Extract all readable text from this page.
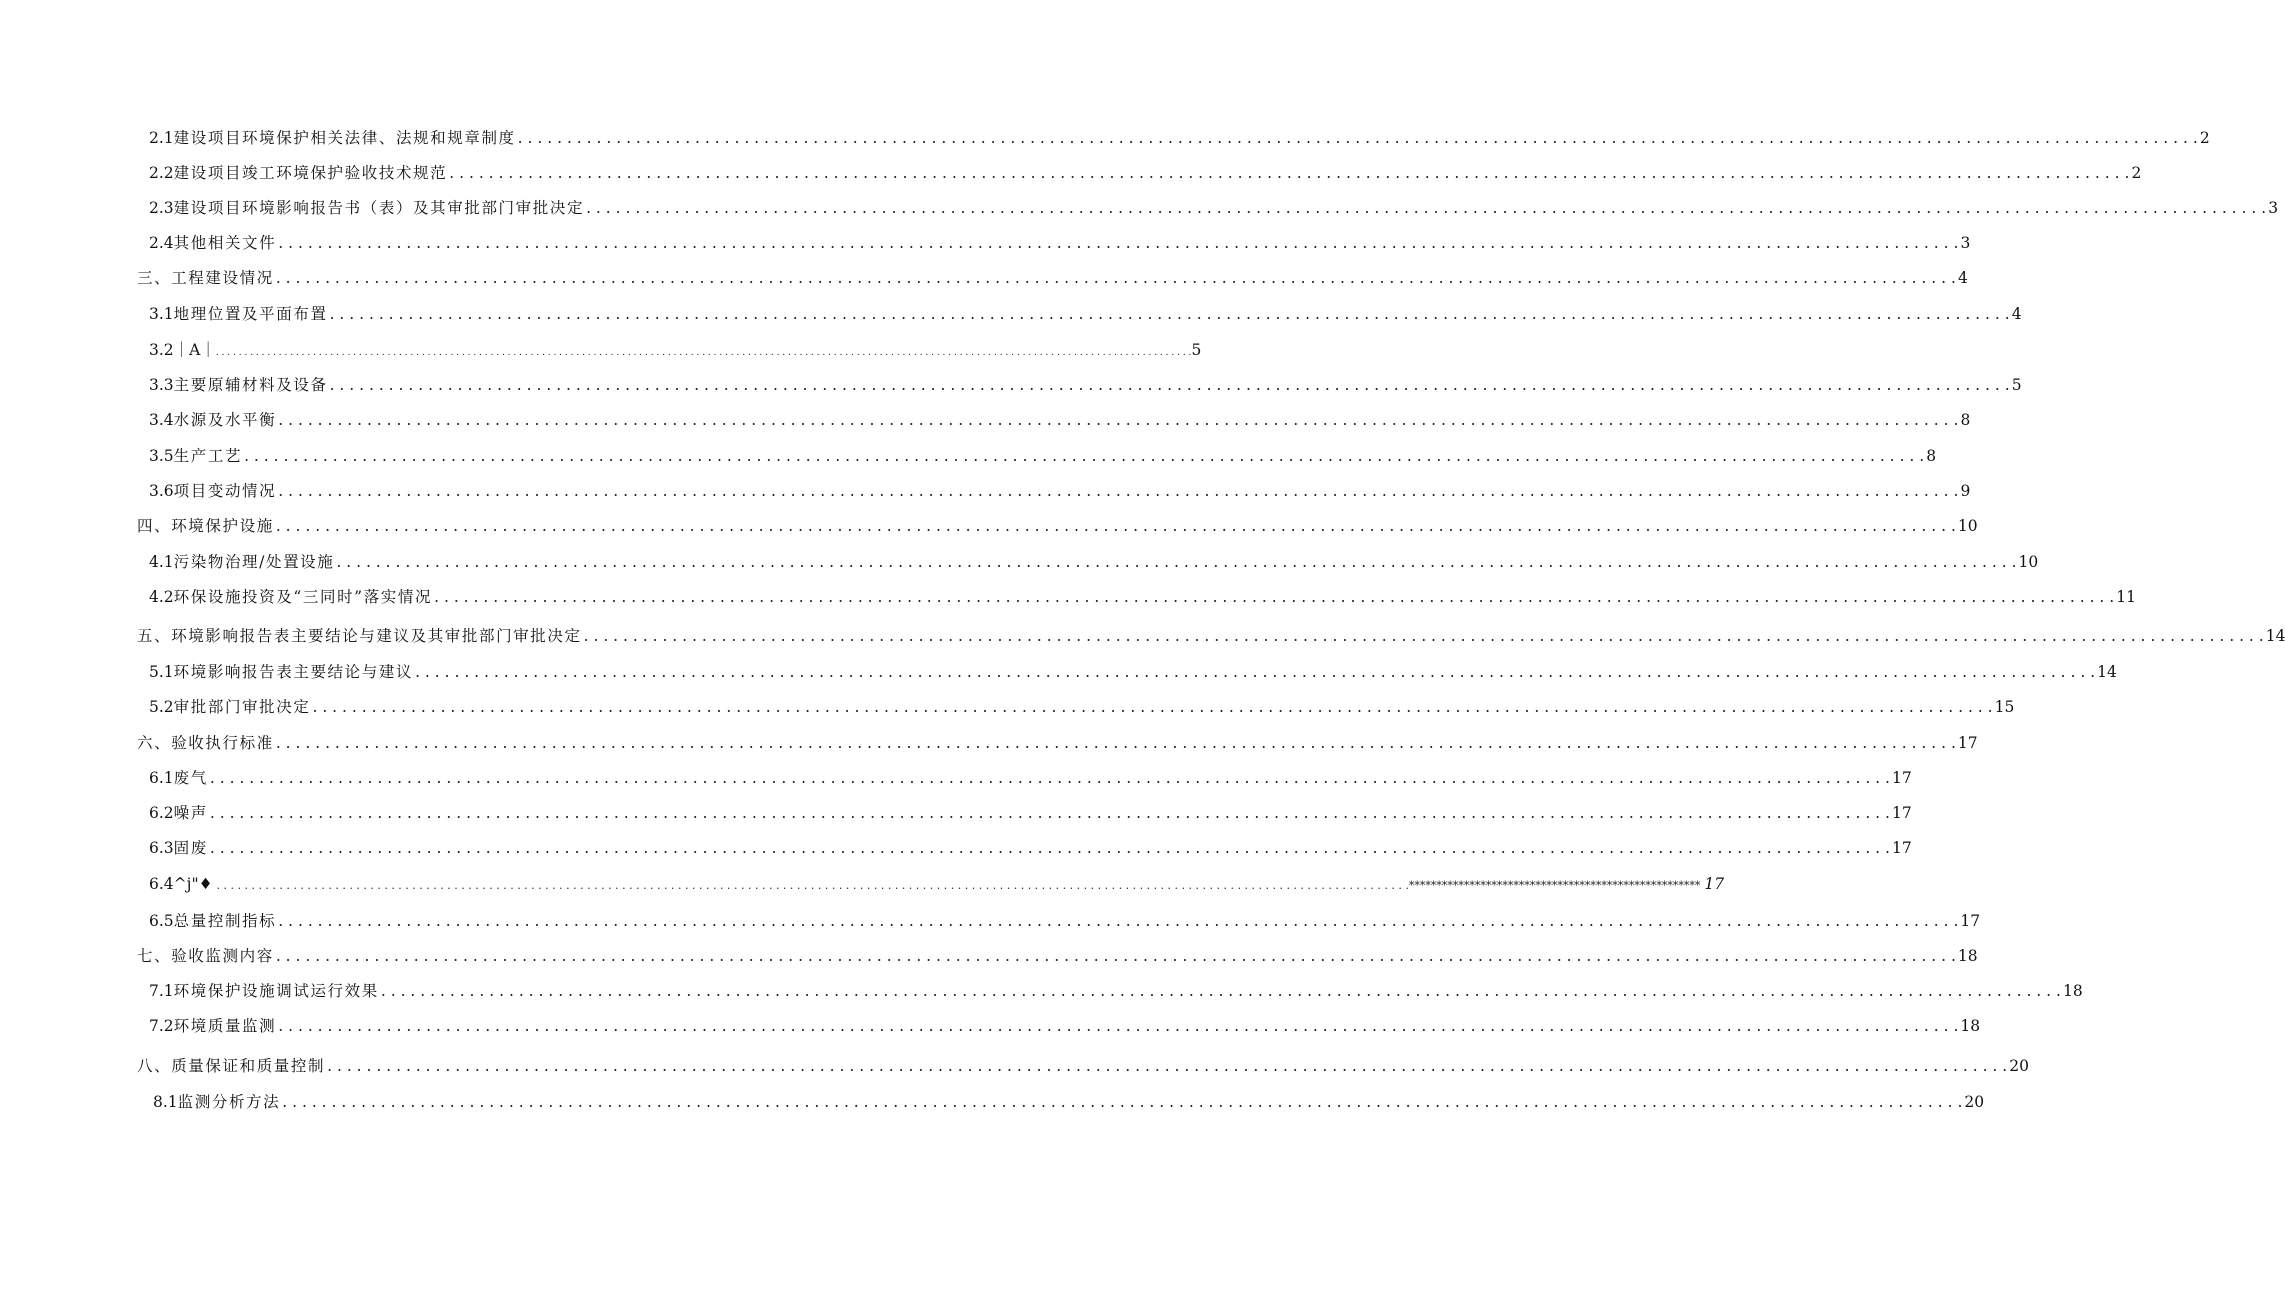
2.1 建设项目环境保护相关法律、法规和规章制度 . . .	2
2.2 建设项目竣工环境保护验收技术规范 . . .	2
2.3 建设项目环境影响报告书（表）及其审批部门审批决定 . . .	3
2.4 其他相关文件 . . .	3
三、工程建设情况 . . .	4
3.1 地理位置及平面布置 . . .	4
3.2 ｜A｜ . . .	5
3.3 主要原辅材料及设备 . . .	5
3.4 水源及水平衡 . . .	8
3.5 生产工艺 . . .	8
3.6 项目变动情况 . . .	9
四、环境保护设施 . . .	10
4.1 污染物治理/处置设施 . . .	10
4.2 环保设施投资及“三同时”落实情况 . . .	11
五、环境影响报告表主要结论与建议及其审批部门审批决定 . . .	14
5.1 环境影响报告表主要结论与建议 . . .	14
5.2 审批部门审批决定 . . .	15
六、验收执行标准 . . .	17
6.1 废气 . . .	17
6.2 噪声 . . .	17
6.3 固废 . . .	17
6.4 ^j"♦	. . . ***************************************************** 17
6.5 总量控制指标 . . .	17
七、验收监测内容 . . .	18
7.1 环境保护设施调试运行效果 . . .	18
7.2 环境质量监测 . . .	18
八、质量保证和质量控制 . . .	20
8.1 监测分析方法 . . .	20
